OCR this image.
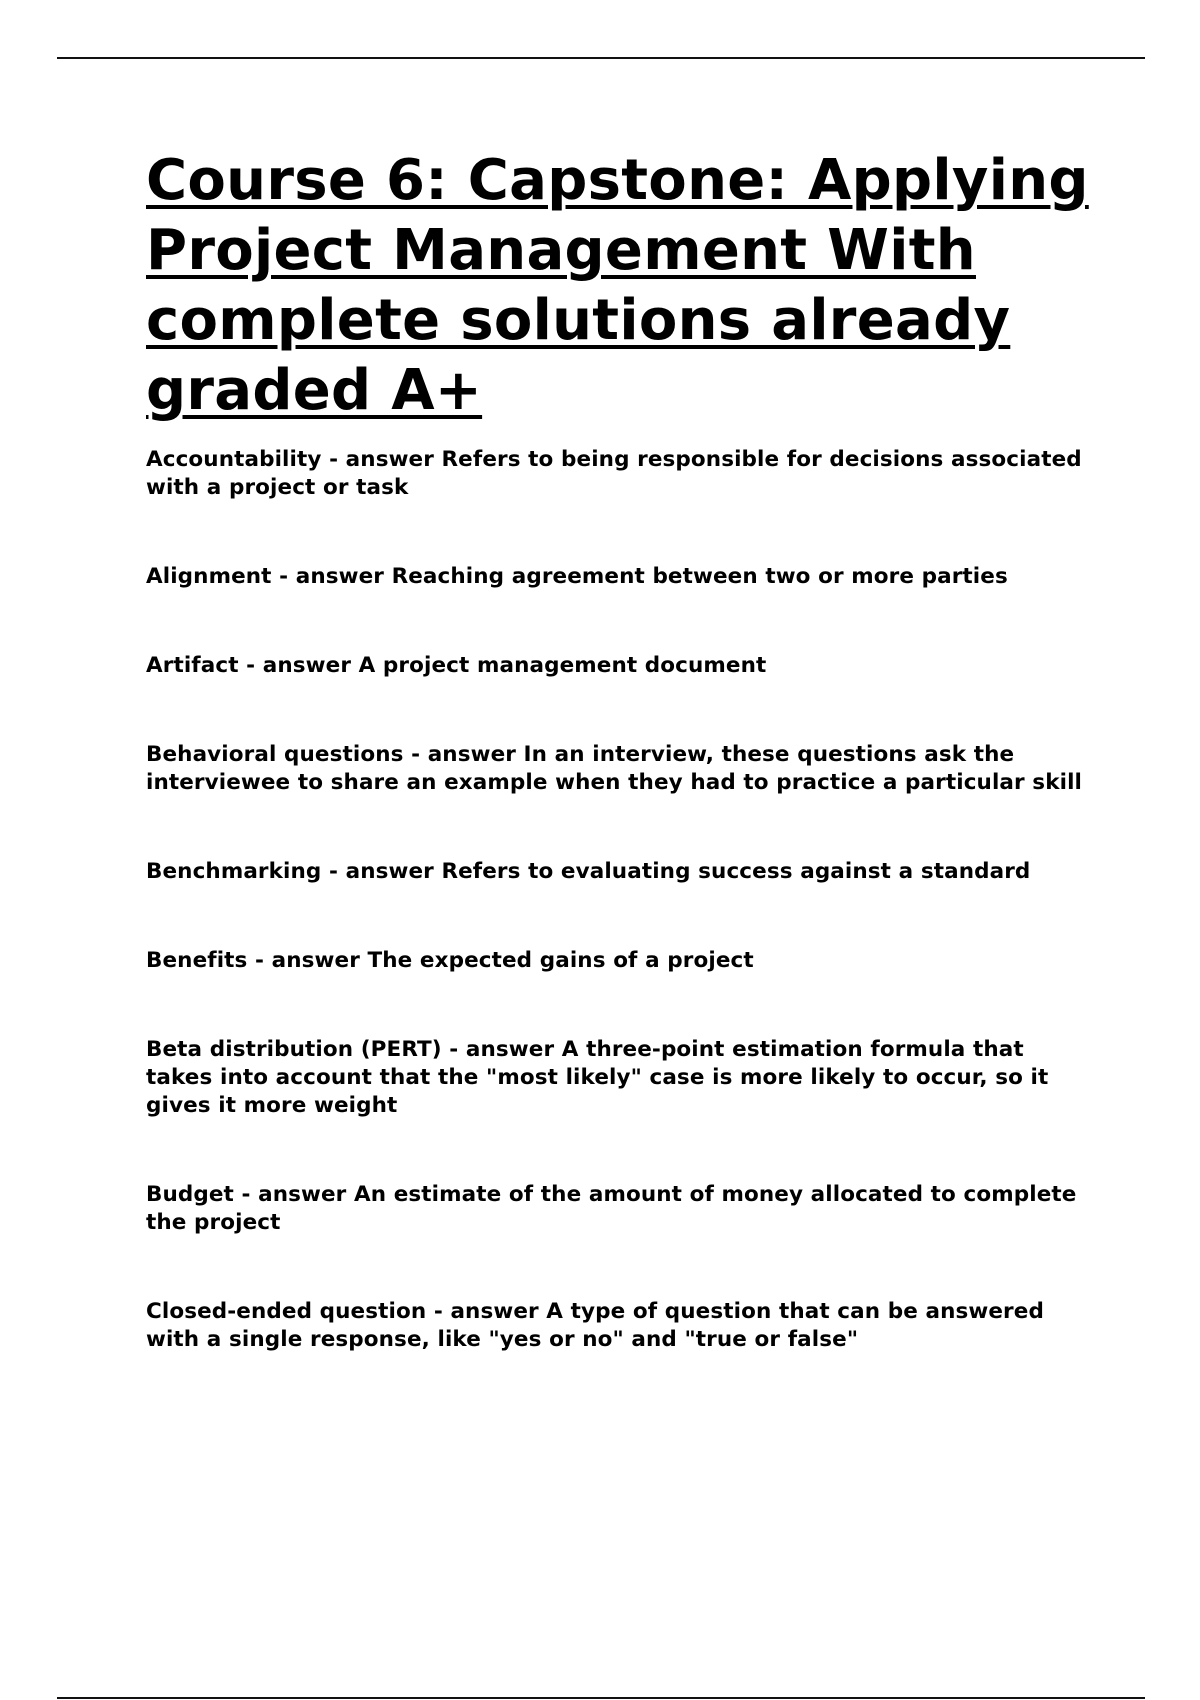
Course 6: Capstone: Applying Project Management With complete solutions already graded A+

Accountability - answer Refers to being responsible for decisions associated with a project or task

Alignment - answer Reaching agreement between two or more parties

Artifact - answer A project management document

Behavioral questions - answer In an interview, these questions ask the interviewee to share an example when they had to practice a particular skill

Benchmarking - answer Refers to evaluating success against a standard

Benefits - answer The expected gains of a project

Beta distribution (PERT) - answer A three-point estimation formula that takes into account that the "most likely" case is more likely to occur, so it gives it more weight

Budget - answer An estimate of the amount of money allocated to complete the project

Closed-ended question - answer A type of question that can be answered with a single response, like "yes or no" and "true or false"
